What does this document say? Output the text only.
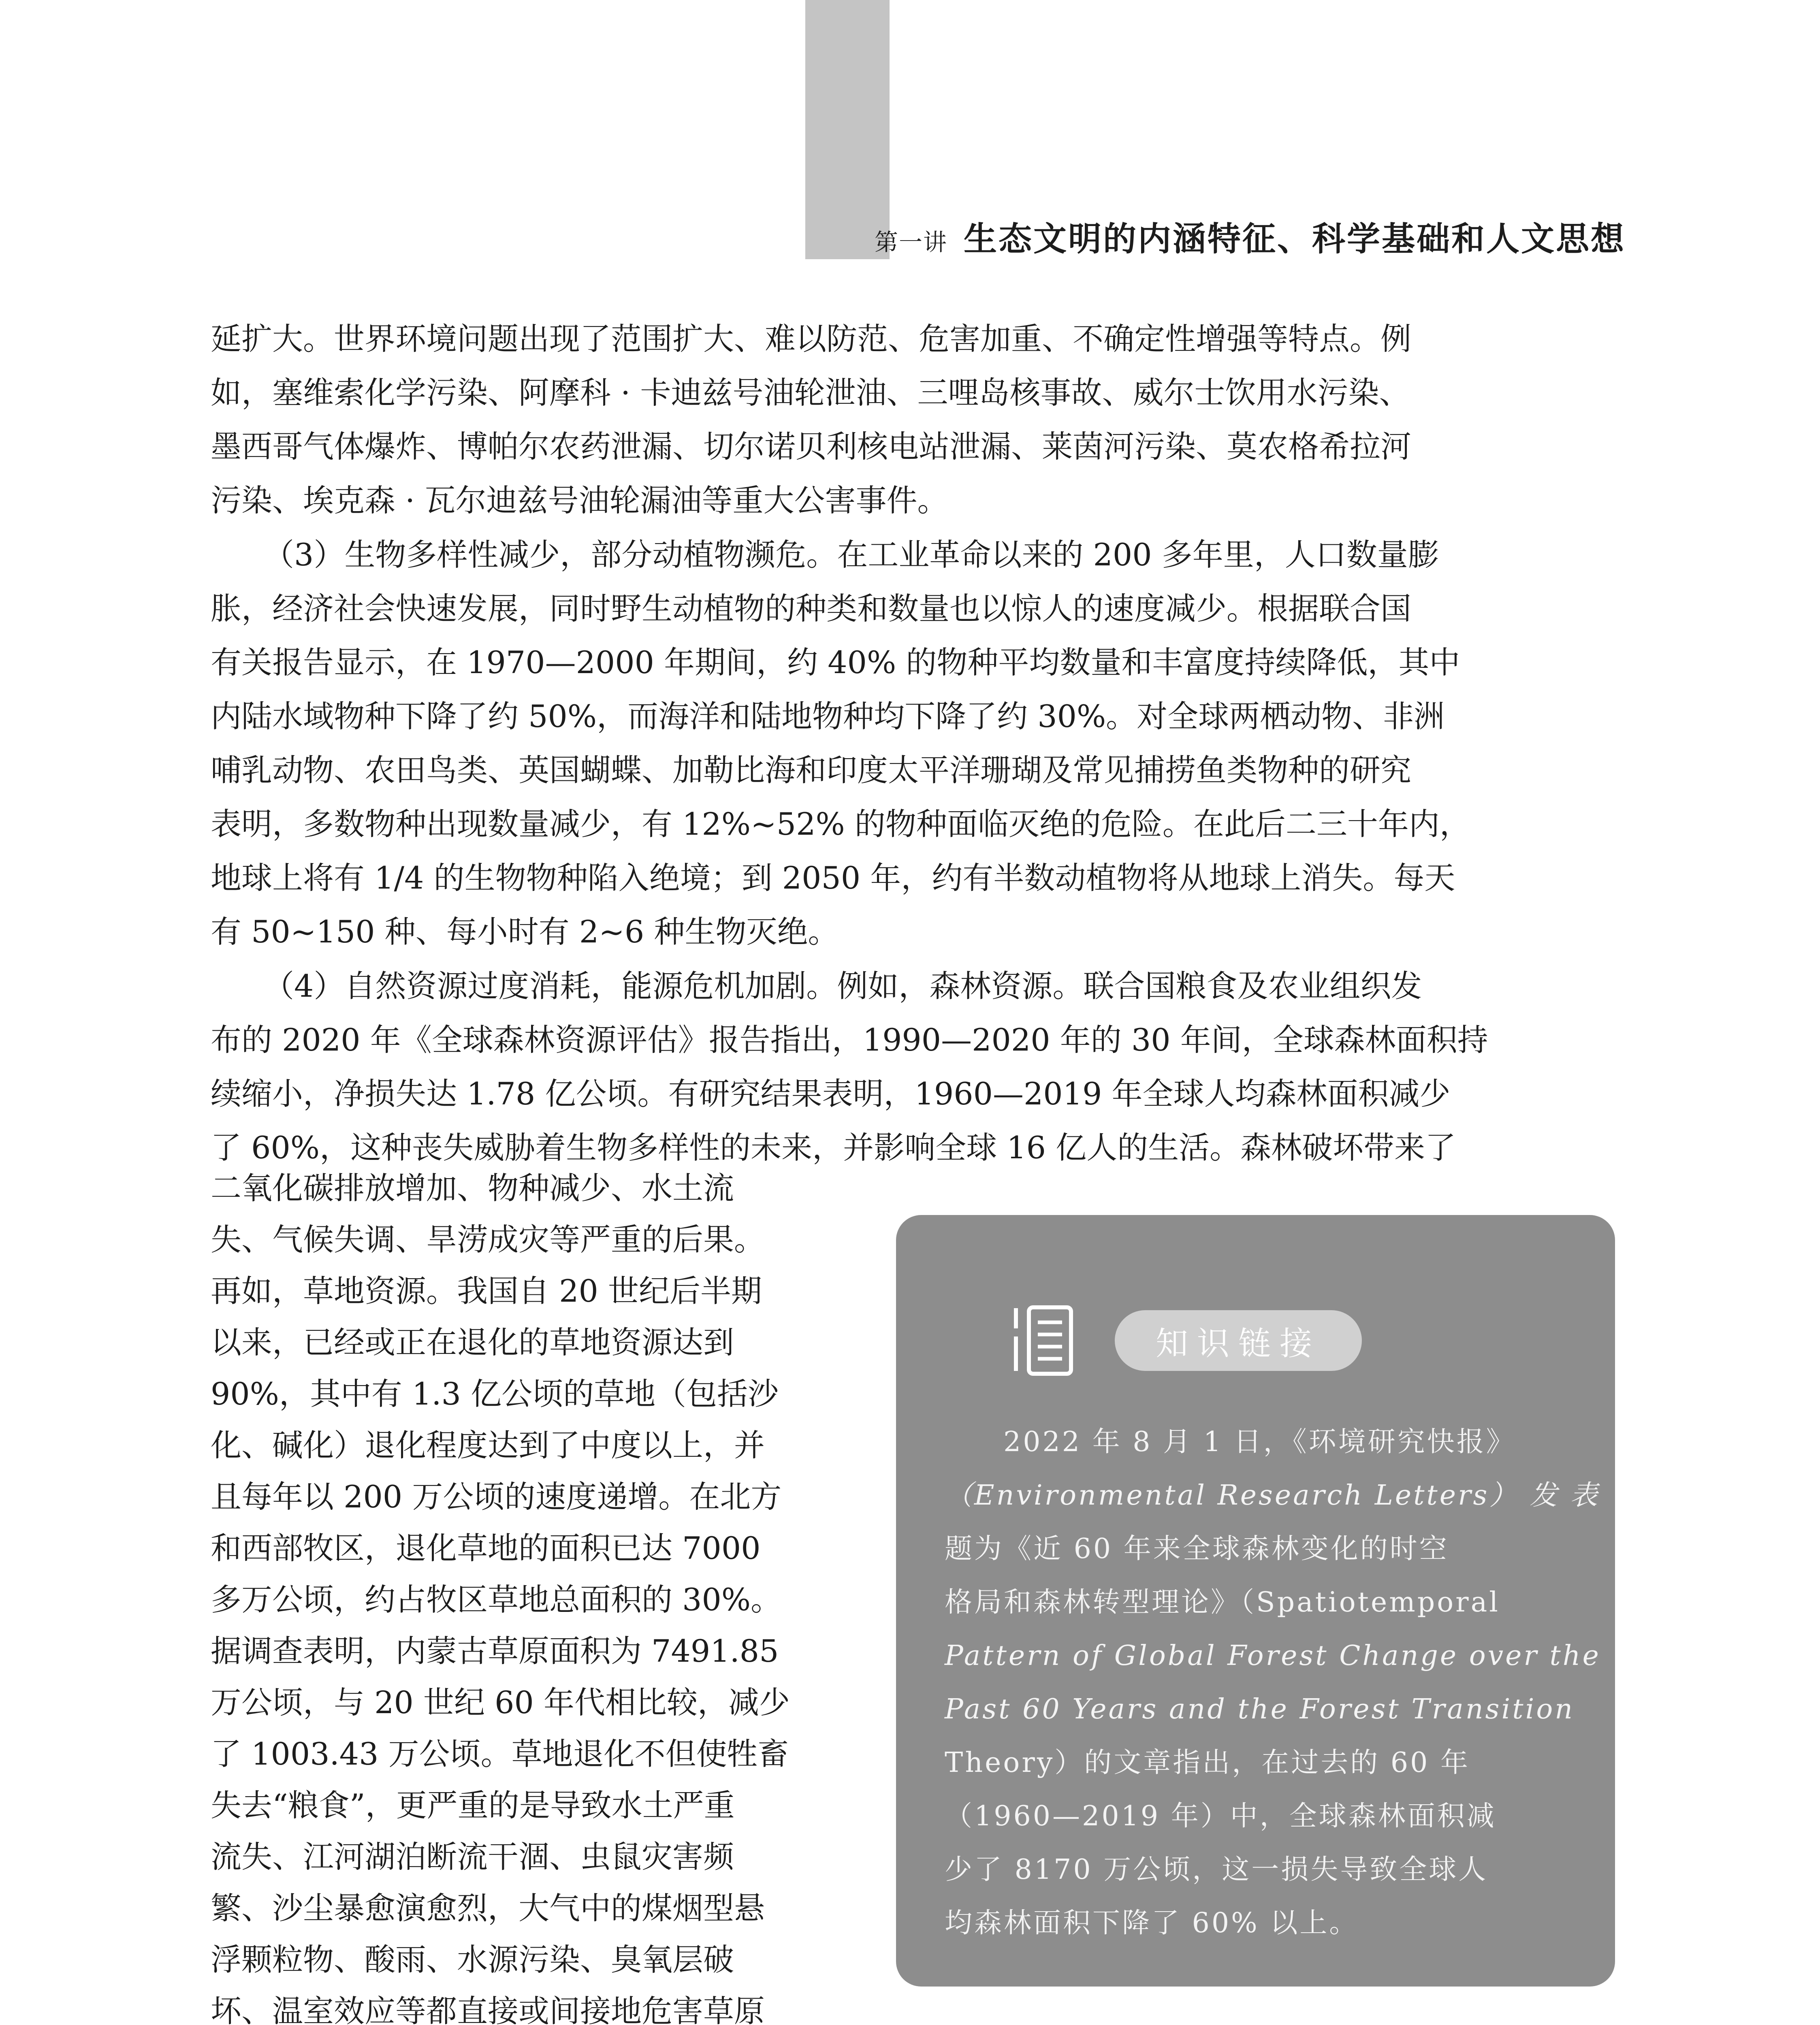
第一讲 生态文明的内涵特征、科学基础和人文思想

延扩大。世界环境问题出现了范围扩大、难以防范、危害加重、不确定性增强等特点。例
如，塞维索化学污染、阿摩科 · 卡迪兹号油轮泄油、三哩岛核事故、威尔士饮用水污染、
墨西哥气体爆炸、博帕尔农药泄漏、切尔诺贝利核电站泄漏、莱茵河污染、莫农格希拉河
污染、埃克森 · 瓦尔迪兹号油轮漏油等重大公害事件。

（3）生物多样性减少，部分动植物濒危。在工业革命以来的 200 多年里，人口数量膨

胀，经济社会快速发展，同时野生动植物的种类和数量也以惊人的速度减少。根据联合国
有关报告显示，在 1970—2000 年期间，约 40% 的物种平均数量和丰富度持续降低，其中
内陆水域物种下降了约 50%，而海洋和陆地物种均下降了约 30%。对全球两栖动物、非洲
哺乳动物、农田鸟类、英国蝴蝶、加勒比海和印度太平洋珊瑚及常见捕捞鱼类物种的研究
表明，多数物种出现数量减少，有 12%~52% 的物种面临灭绝的危险。在此后二三十年内，
地球上将有 1/4 的生物物种陷入绝境；到 2050 年，约有半数动植物将从地球上消失。每天
有 50~150 种、每小时有 2~6 种生物灭绝。

（4）自然资源过度消耗，能源危机加剧。例如，森林资源。联合国粮食及农业组织发

布的 2020 年《全球森林资源评估》报告指出，1990—2020 年的 30 年间，全球森林面积持
续缩小，净损失达 1.78 亿公顷。有研究结果表明，1960—2019 年全球人均森林面积减少
了 60%，这种丧失威胁着生物多样性的未来，并影响全球 16 亿人的生活。森林破坏带来了

二氧化碳排放增加、物种减少、水土流
失、气候失调、旱涝成灾等严重的后果。
再如，草地资源。我国自 20 世纪后半期
以来，已经或正在退化的草地资源达到
90%，其中有 1.3 亿公顷的草地（包括沙
化、碱化）退化程度达到了中度以上，并
且每年以 200 万公顷的速度递增。在北方
和西部牧区，退化草地的面积已达 7000
多万公顷，约占牧区草地总面积的 30%。
据调查表明，内蒙古草原面积为 7491.85
万公顷，与 20 世纪 60 年代相比较，减少
了 1003.43 万公顷。草地退化不但使牲畜
失去“粮食”，更严重的是导致水土严重
流失、江河湖泊断流干涸、虫鼠灾害频
繁、沙尘暴愈演愈烈，大气中的煤烟型悬
浮颗粒物、酸雨、水源污染、臭氧层破
坏、温室效应等都直接或间接地危害草原

知识链接

2022 年 8 月 1 日，《环境研究快报》
（Environmental Research Letters） 发 表
题为《近 60 年来全球森林变化的时空
格局和森林转型理论》（Spatiotemporal
Pattern of Global Forest Change over the
Past 60 Years and the Forest Transition
Theory）的文章指出，在过去的 60 年
（1960—2019 年）中，全球森林面积减
少了 8170 万公顷，这一损失导致全球人
均森林面积下降了 60% 以上。
